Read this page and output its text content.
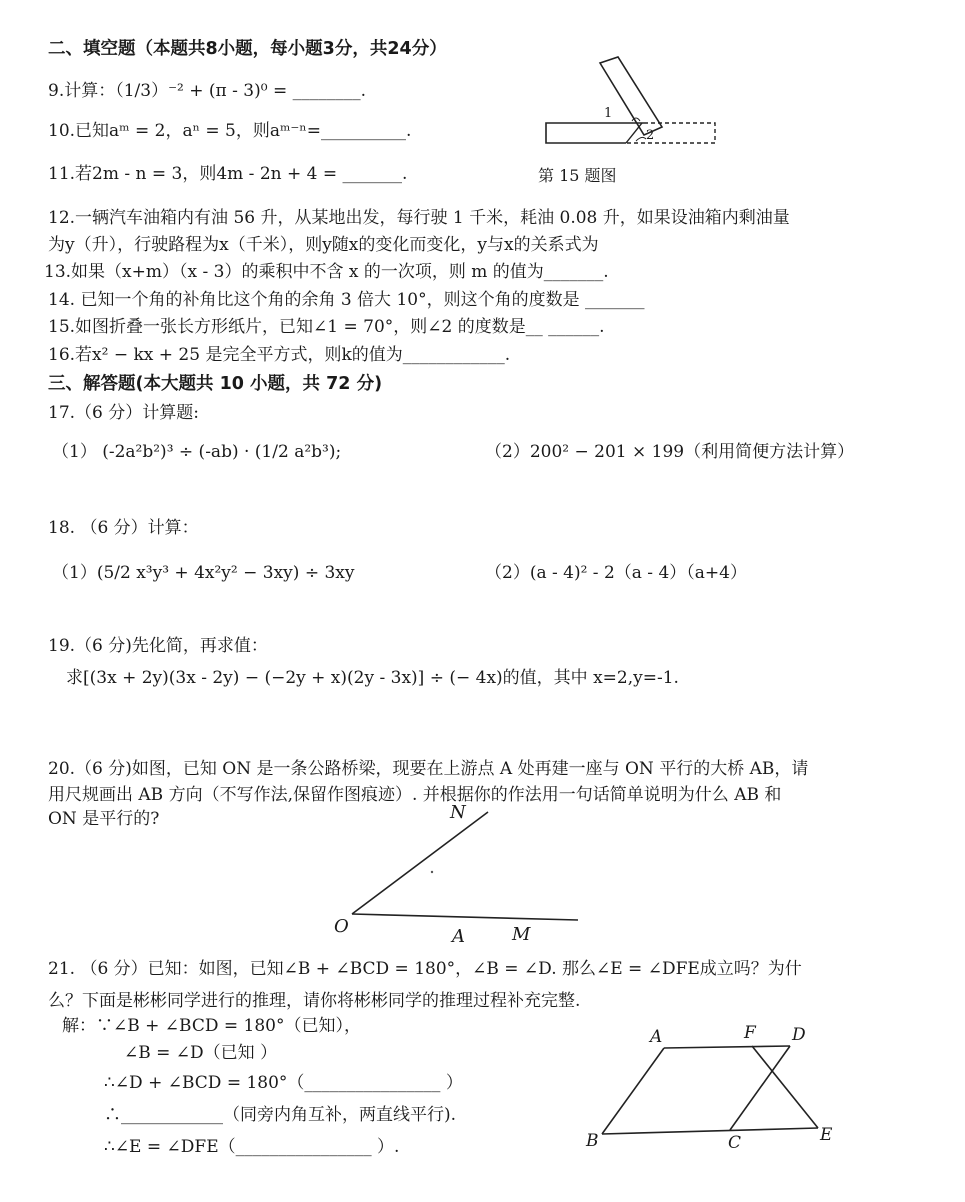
二、填空题（本题共8小题，每小题3分，共24分）
9.计算：（1/3）⁻² + (π - 3)⁰ = ________.
10.已知aᵐ = 2，aⁿ = 5，则aᵐ⁻ⁿ=__________.
11.若2m - n = 3，则4m - 2n + 4 = _______.
1
2
第 15 题图
12.一辆汽车油箱内有油 56 升，从某地出发，每行驶 1 千米，耗油 0.08 升，如果设油箱内剩油量
为y（升），行驶路程为x（千米），则y随x的变化而变化，y与x的关系式为
13.如果（x+m）（x - 3）的乘积中不含 x 的一次项，则 m 的值为_______.
14. 已知一个角的补角比这个角的余角 3 倍大 10°，则这个角的度数是 _______
15.如图折叠一张长方形纸片，已知∠1 = 70°，则∠2 的度数是__ ______.
16.若x² − kx + 25 是完全平方式，则k的值为____________.
三、解答题(本大题共 10 小题，共 72 分)
17.（6 分）计算题:
（1） (-2a²b²)³ ÷ (-ab) · (1/2 a²b³);	（2）200² − 201 × 199（利用简便方法计算）
18. （6 分）计算：
（1）(5/2 x³y³ + 4x²y² − 3xy) ÷ 3xy	（2）(a - 4)² - 2（a - 4）（a+4）
19.（6 分)先化简，再求值：
求[(3x + 2y)(3x - 2y) − (−2y + x)(2y - 3x)] ÷ (− 4x)的值，其中 x=2,y=-1.
20.（6 分)如图，已知 ON 是一条公路桥梁，现要在上游点 A 处再建一座与 ON 平行的大桥 AB，请
用尺规画出 AB 方向（不写作法,保留作图痕迹）. 并根据你的作法用一句话简单说明为什么 AB 和
ON 是平行的?	N
O	A	M
21. （6 分）已知：如图，已知∠B + ∠BCD = 180°，∠B = ∠D. 那么∠E = ∠DFE成立吗？为什
么？下面是彬彬同学进行的推理，请你将彬彬同学的推理过程补充完整.
解：∵∠B + ∠BCD = 180°（已知），
∠B = ∠D（已知 ）
∴∠D + ∠BCD = 180°（________________ ）
∴____________（同旁内角互补，两直线平行).
∴∠E = ∠DFE（________________ ）.
A	F D
B	C	E
